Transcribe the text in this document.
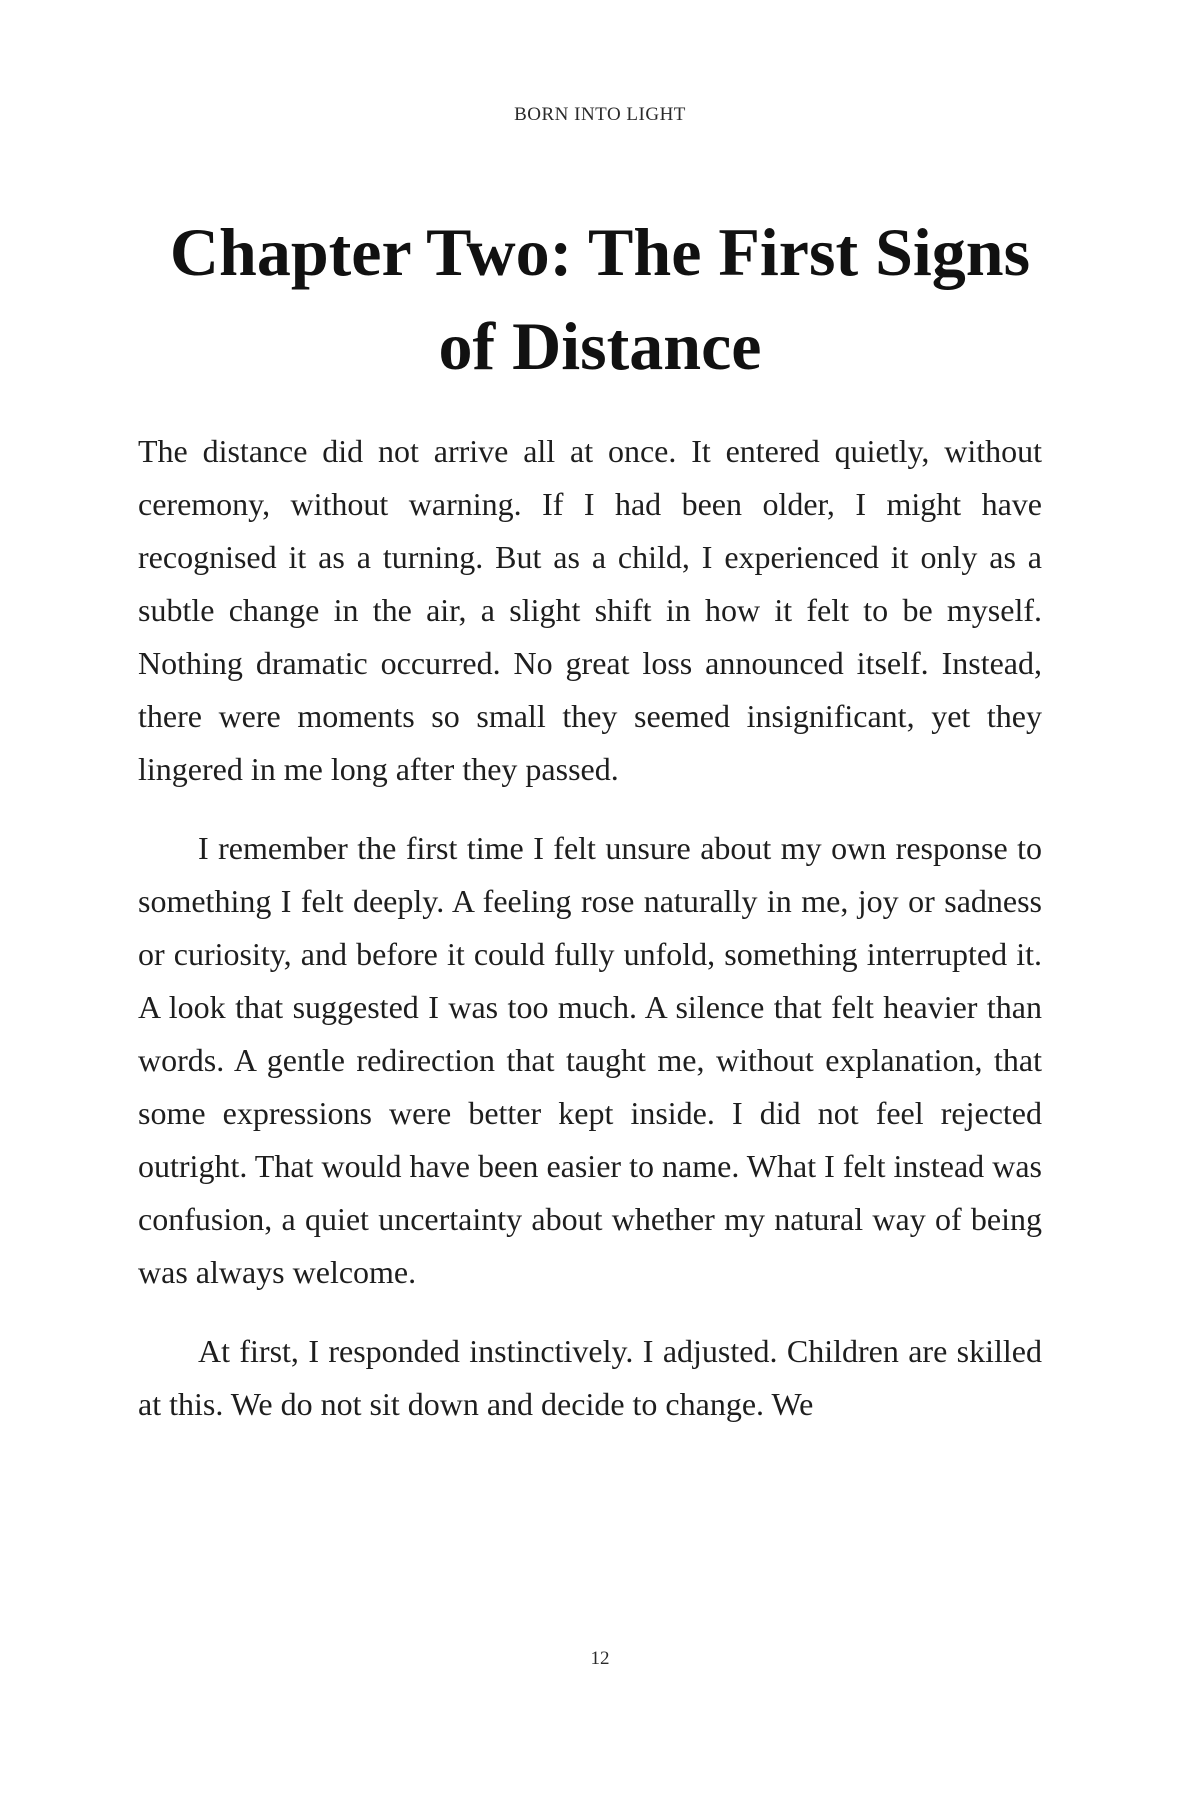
BORN INTO LIGHT
Chapter Two: The First Signs of Distance

The distance did not arrive all at once. It entered quietly, without ceremony, without warning. If I had been older, I might have recognised it as a turning. But as a child, I experienced it only as a subtle change in the air, a slight shift in how it felt to be myself. Nothing dramatic occurred. No great loss announced itself. Instead, there were moments so small they seemed insignificant, yet they lingered in me long after they passed.

I remember the first time I felt unsure about my own response to something I felt deeply. A feeling rose naturally in me, joy or sadness or curiosity, and before it could fully unfold, something interrupted it. A look that suggested I was too much. A silence that felt heavier than words. A gentle redirection that taught me, without explanation, that some expressions were better kept inside. I did not feel rejected outright. That would have been easier to name. What I felt instead was confusion, a quiet uncertainty about whether my natural way of being was always welcome.

At first, I responded instinctively. I adjusted. Children are skilled at this. We do not sit down and decide to change. We

12
